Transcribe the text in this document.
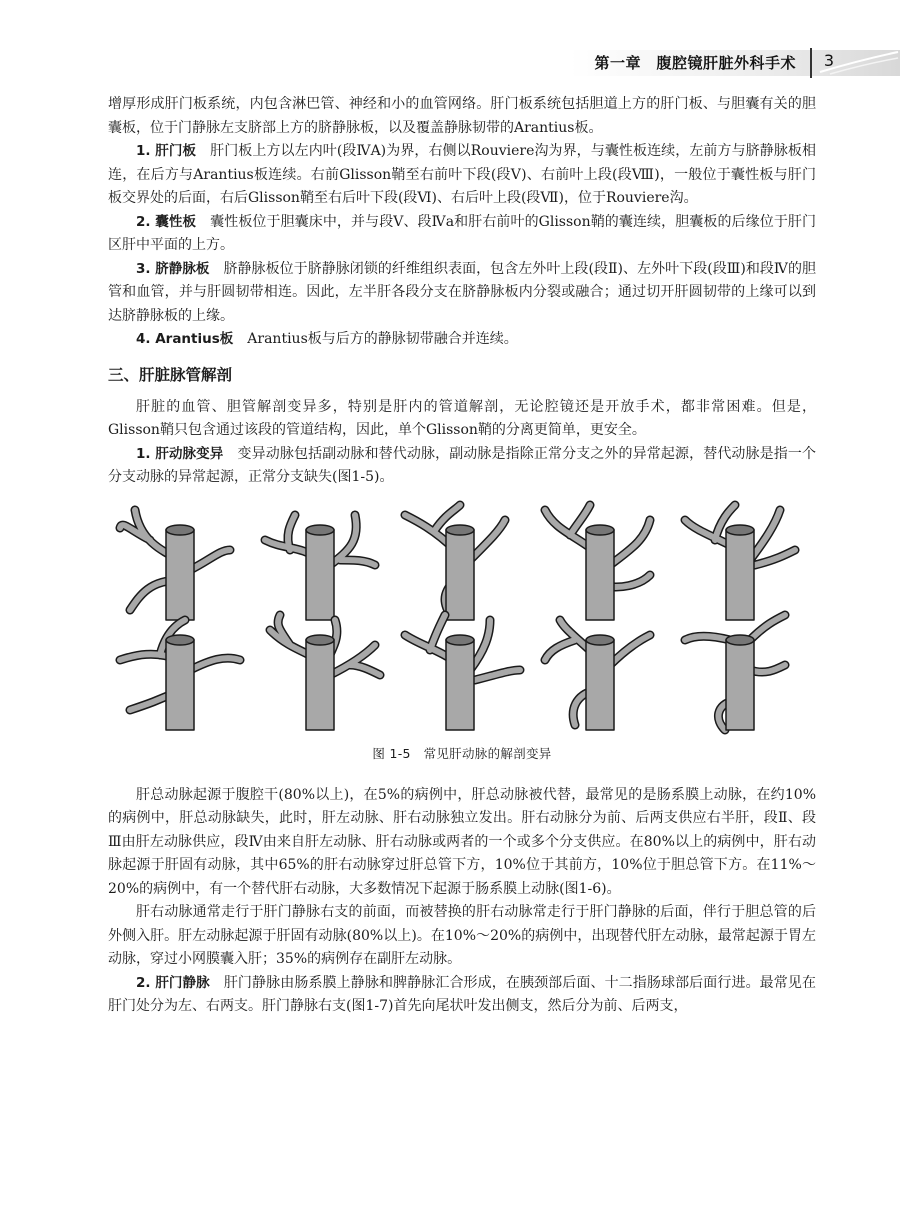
第一章　腹腔镜肝脏外科手术 3

增厚形成肝门板系统，内包含淋巴管、神经和小的血管网络。肝门板系统包括胆道上方的肝门板、与胆囊有关的胆囊板，位于门静脉左支脐部上方的脐静脉板，以及覆盖静脉韧带的Arantius板。

1. 肝门板 肝门板上方以左内叶(段ⅣA)为界，右侧以Rouviere沟为界，与囊性板连续，左前方与脐静脉板相连，在后方与Arantius板连续。右前Glisson鞘至右前叶下段(段Ⅴ)、右前叶上段(段Ⅷ)，一般位于囊性板与肝门板交界处的后面，右后Glisson鞘至右后叶下段(段Ⅵ)、右后叶上段(段Ⅶ)，位于Rouviere沟。

2. 囊性板 囊性板位于胆囊床中，并与段Ⅴ、段Ⅳa和肝右前叶的Glisson鞘的囊连续，胆囊板的后缘位于肝门区肝中平面的上方。

3. 脐静脉板 脐静脉板位于脐静脉闭锁的纤维组织表面，包含左外叶上段(段Ⅱ)、左外叶下段(段Ⅲ)和段Ⅳ的胆管和血管，并与肝圆韧带相连。因此，左半肝各段分支在脐静脉板内分裂或融合；通过切开肝圆韧带的上缘可以到达脐静脉板的上缘。

4. Arantius板 Arantius板与后方的静脉韧带融合并连续。

三、肝脏脉管解剖

肝脏的血管、胆管解剖变异多，特别是肝内的管道解剖，无论腔镜还是开放手术，都非常困难。但是，Glisson鞘只包含通过该段的管道结构，因此，单个Glisson鞘的分离更简单，更安全。

1. 肝动脉变异 变异动脉包括副动脉和替代动脉，副动脉是指除正常分支之外的异常起源，替代动脉是指一个分支动脉的异常起源，正常分支缺失(图1-5)。

图 1-5　常见肝动脉的解剖变异

肝总动脉起源于腹腔干(80%以上)，在5%的病例中，肝总动脉被代替，最常见的是肠系膜上动脉，在约10%的病例中，肝总动脉缺失，此时，肝左动脉、肝右动脉独立发出。肝右动脉分为前、后两支供应右半肝，段Ⅱ、段Ⅲ由肝左动脉供应，段Ⅳ由来自肝左动脉、肝右动脉或两者的一个或多个分支供应。在80%以上的病例中，肝右动脉起源于肝固有动脉，其中65%的肝右动脉穿过肝总管下方，10%位于其前方，10%位于胆总管下方。在11%～20%的病例中，有一个替代肝右动脉，大多数情况下起源于肠系膜上动脉(图1-6)。

肝右动脉通常走行于肝门静脉右支的前面，而被替换的肝右动脉常走行于肝门静脉的后面，伴行于胆总管的后外侧入肝。肝左动脉起源于肝固有动脉(80%以上)。在10%～20%的病例中，出现替代肝左动脉，最常起源于胃左动脉，穿过小网膜囊入肝；35%的病例存在副肝左动脉。

2. 肝门静脉 肝门静脉由肠系膜上静脉和脾静脉汇合形成，在胰颈部后面、十二指肠球部后面行进。最常见在肝门处分为左、右两支。肝门静脉右支(图1-7)首先向尾状叶发出侧支，然后分为前、后两支，
